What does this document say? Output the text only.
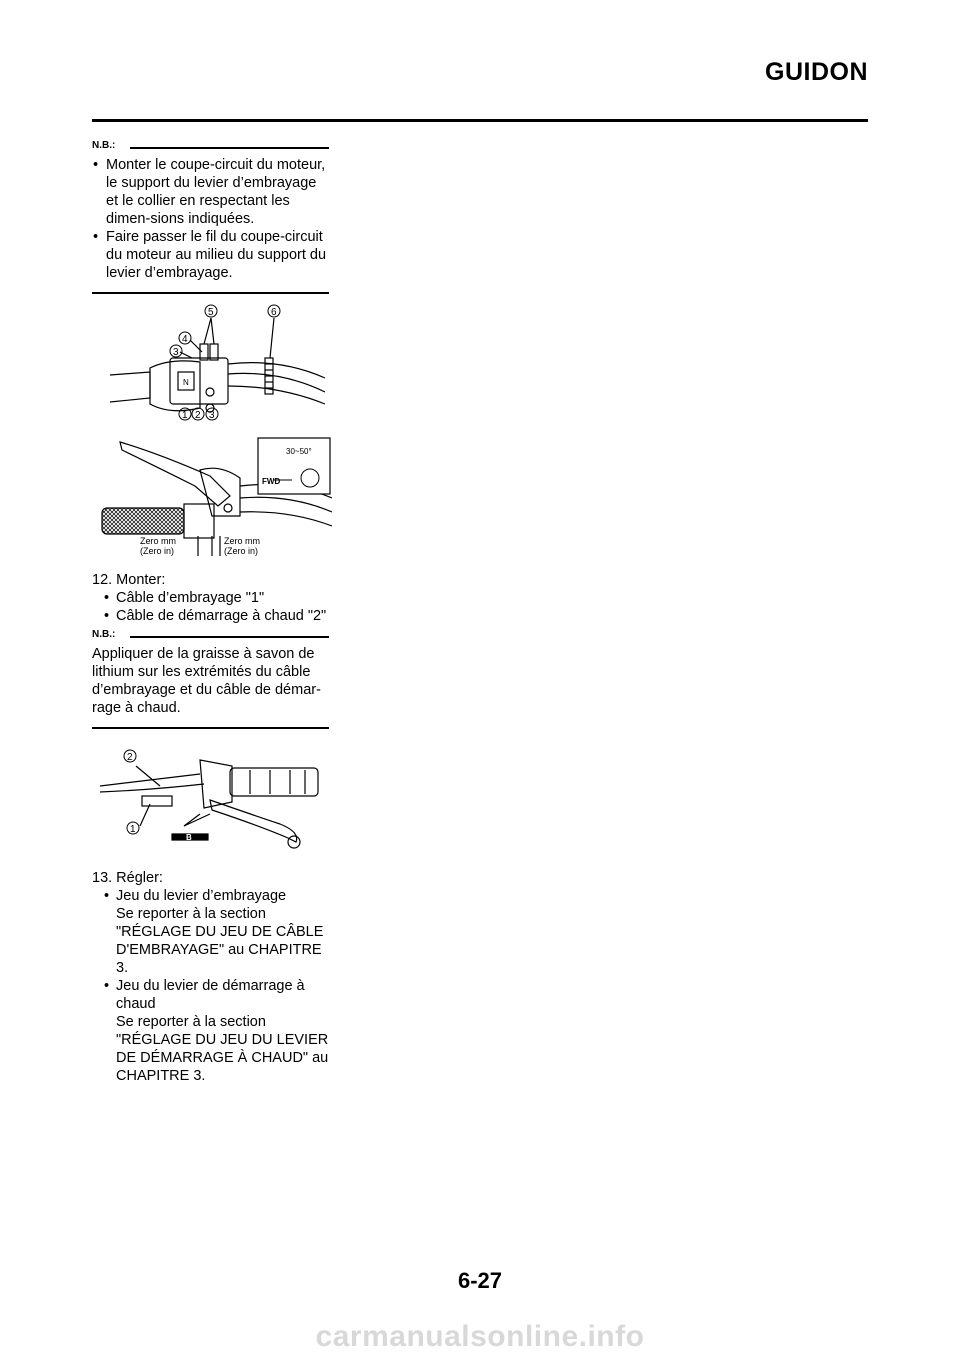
GUIDON
N.B.:
• Monter le coupe-circuit du moteur, le support du levier d’embrayage et le collier en respectant les dimen-sions indiquées.
• Faire passer le fil du coupe-circuit du moteur au milieu du support du levier d’embrayage.
N
5	6
4
3
1 2 3
30~50°
FWD
Zero mm
(Zero in)
Zero mm
(Zero in)
12. Monter:
• Câble d’embrayage "1"
• Câble de démarrage à chaud "2"
N.B.:
Appliquer de la graisse à savon de lithium sur les extrémités du câble d’embrayage et du câble de démar-rage à chaud.
2
1
B
13. Régler:
• Jeu du levier d’embrayage
Se reporter à la section "RÉGLAGE DU JEU DE CÂBLE D'EMBRAYAGE" au CHAPITRE 3.
• Jeu du levier de démarrage à chaud
Se reporter à la section "RÉGLAGE DU JEU DU LEVIER DE DÉMARRAGE À CHAUD" au CHAPITRE 3.
6-27
carmanualsonline.info
